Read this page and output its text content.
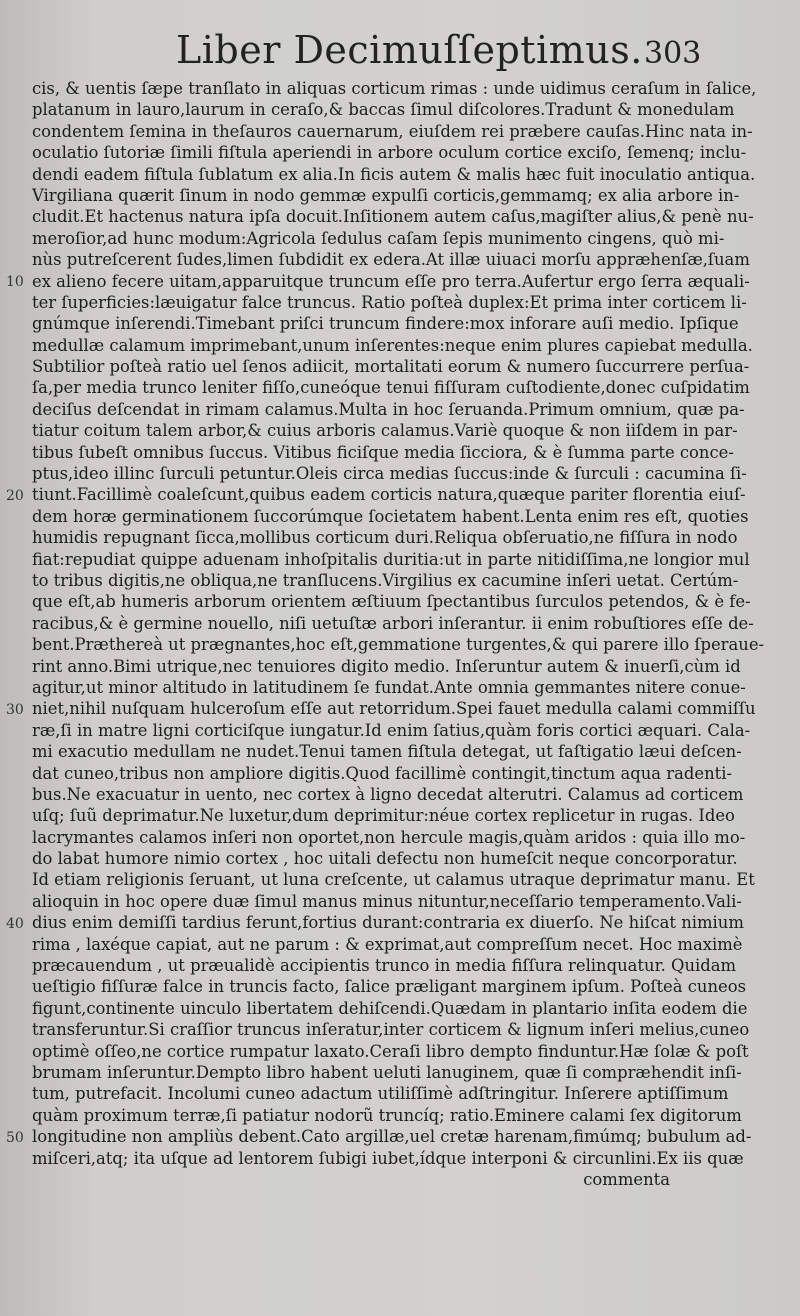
Liber Decimuſſeptimus. 303
10
20
30
40
50
cis, & uentis ſæpe tranſlato in aliquas corticum rimas : unde uidimus ceraſum in ſalice,
platanum in lauro,laurum in ceraſo,& baccas ſimul diſcolores.Tradunt & monedulam
condentem ſemina in theſauros cauernarum, eiuſdem rei præbere cauſas.Hinc nata in-
oculatio ſutoriæ ſimili fiſtula aperiendi in arbore oculum cortice exciſo, ſemenq; inclu-
dendi eadem fiſtula ſublatum ex alia.In ficis autem & malis hæc fuit inoculatio antiqua.
Virgiliana quærit ſinum in nodo gemmæ expulſi corticis,gemmamq; ex alia arbore in-
cludit.Et hactenus natura ipſa docuit.Inſitionem autem caſus,magiſter alius,& penè nu-
meroſior,ad hunc modum:Agricola ſedulus caſam ſepis munimento cingens, quò mi-
nùs putreſcerent ſudes,limen ſubdidit ex edera.At illæ uiuaci morſu appræhenſæ,ſuam
ex alieno fecere uitam,apparuitque truncum eſſe pro terra.Aufertur ergo ſerra æquali-
ter ſuperficies:læuigatur falce truncus. Ratio poſteà duplex:Et prima inter corticem li-
gnúmque inſerendi.Timebant priſci truncum findere:mox inforare auſi medio. Ipſique
medullæ calamum imprimebant,unum inſerentes:neque enim plures capiebat medulla.
Subtilior poſteà ratio uel ſenos adiicit, mortalitati eorum & numero ſuccurrere perſua-
ſa,per media trunco leniter fiſſo,cuneóque tenui fiſſuram cuſtodiente,donec cuſpidatim
deciſus deſcendat in rimam calamus.Multa in hoc ſeruanda.Primum omnium, quæ pa-
tiatur coitum talem arbor,& cuius arboris calamus.Variè quoque & non iiſdem in par-
tibus ſubeſt omnibus ſuccus. Vitibus ficiſque media ſicciora, & è ſumma parte conce-
ptus,ideo illinc ſurculi petuntur.Oleis circa medias ſuccus:inde & ſurculi : cacumina ſi-
tiunt.Facillimè coaleſcunt,quibus eadem corticis natura,quæque pariter florentia eiuſ-
dem horæ germinationem ſuccorúmque ſocietatem habent.Lenta enim res eſt, quoties
humidis repugnant ſicca,mollibus corticum duri.Reliqua obſeruatio,ne fiſſura in nodo
fiat:repudiat quippe aduenam inhoſpitalis duritia:ut in parte nitidiſſima,ne longior mul
to tribus digitis,ne obliqua,ne tranſlucens.Virgilius ex cacumine inſeri uetat. Certúm-
que eſt,ab humeris arborum orientem æſtiuum ſpectantibus ſurculos petendos, & è fe-
racibus,& è germine nouello, niſi uetuſtæ arbori inſerantur. ii enim robuſtiores eſſe de-
bent.Præthereà ut prægnantes,hoc eſt,gemmatione turgentes,& qui parere illo ſperaue-
rint anno.Bimi utrique,nec tenuiores digito medio. Inſeruntur autem & inuerſi,cùm id
agitur,ut minor altitudo in latitudinem ſe fundat.Ante omnia gemmantes nitere conue-
niet,nihil nuſquam hulceroſum eſſe aut retorridum.Spei fauet medulla calami commiſſu
ræ,ſi in matre ligni corticiſque iungatur.Id enim ſatius,quàm foris cortici æquari. Cala-
mi exacutio medullam ne nudet.Tenui tamen fiſtula detegat, ut faſtigatio læui deſcen-
dat cuneo,tribus non ampliore digitis.Quod facillimè contingit,tinctum aqua radenti-
bus.Ne exacuatur in uento, nec cortex à ligno decedat alterutri. Calamus ad corticem
uſq; ſuũ deprimatur.Ne luxetur,dum deprimitur:néue cortex replicetur in rugas. Ideo
lacrymantes calamos inſeri non oportet,non hercule magis,quàm aridos : quia illo mo-
do labat humore nimio cortex , hoc uitali defectu non humeſcit neque concorporatur.
Id etiam religionis ſeruant, ut luna creſcente, ut calamus utraque deprimatur manu. Et
alioquin in hoc opere duæ ſimul manus minus nituntur,neceſſario temperamento.Vali-
dius enim demiſſi tardius ferunt,fortius durant:contraria ex diuerſo. Ne hiſcat nimium
rima , laxéque capiat, aut ne parum : & exprimat,aut compreſſum necet. Hoc maximè
præcauendum , ut præualidè accipientis trunco in media fiſſura relinquatur. Quidam
ueſtigio fiſſuræ falce in truncis facto, ſalice præligant marginem ipſum. Poſteà cuneos
figunt,continente uinculo libertatem dehiſcendi.Quædam in plantario inſita eodem die
transferuntur.Si craſſior truncus inſeratur,inter corticem & lignum inſeri melius,cuneo
optimè oſſeo,ne cortice rumpatur laxato.Ceraſi libro dempto finduntur.Hæ ſolæ & poſt
brumam inſeruntur.Dempto libro habent ueluti lanuginem, quæ ſi compræhendit inſi-
tum, putrefacit. Incolumi cuneo adactum utiliſſimè adſtringitur. Inſerere aptiſſimum
quàm proximum terræ,ſi patiatur nodorũ truncíq; ratio.Eminere calami ſex digitorum
longitudine non ampliùs debent.Cato argillæ,uel cretæ harenam,fimúmq; bubulum ad-
miſceri,atq; ita uſque ad lentorem ſubigi iubet,ídque interponi & circunlini.Ex iis quæ
commenta
